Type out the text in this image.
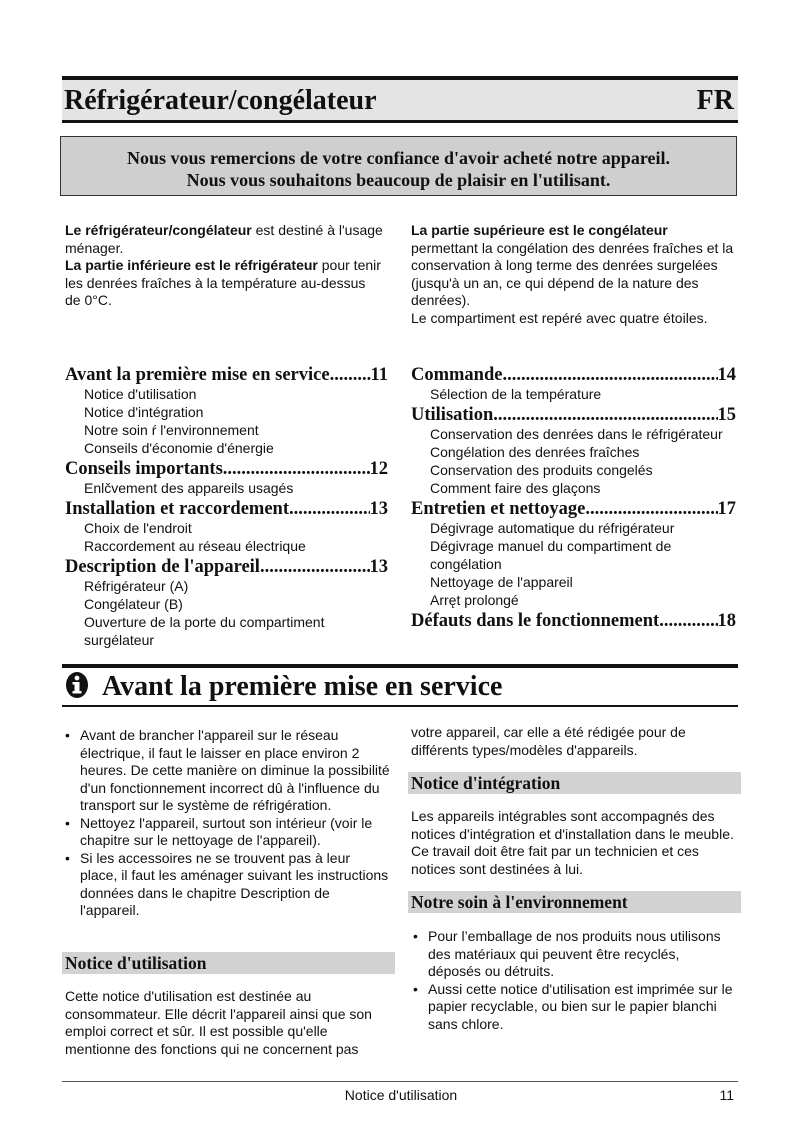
Réfrigérateur/congélateur	FR
Nous vous remercions de votre confiance d'avoir acheté notre appareil.
Nous vous souhaitons beaucoup de plaisir en l'utilisant.
Le réfrigérateur/congélateur est destiné à l'usage ménager.
La partie inférieure est le réfrigérateur pour tenir les denrées fraîches à la température au-dessus de 0°C.
La partie supérieure est le congélateur
permettant la congélation des denrées fraîches et la conservation à long terme des denrées surgelées (jusqu'à un an, ce qui dépend de la nature des denrées).
Le compartiment est repéré avec quatre étoiles.
Avant la première mise en service ..... 11
Notice d'utilisation
Notice d'intégration
Notre soin ŕ l'environnement
Conseils d'économie d'énergie
Conseils importants .....	12
Enlčvement des appareils usagés
Installation et raccordement .....	13
Choix de l'endroit
Raccordement au réseau électrique
Description de l'appareil .....	13
Réfrigérateur (A)
Congélateur (B)
Ouverture de la porte du compartiment surgélateur
Commande .....	14
Sélection de la température
Utilisation .....	15
Conservation des denrées dans le réfrigérateur
Congélation des denrées fraîches
Conservation des produits congelés
Comment faire des glaçons
Entretien et nettoyage .....	17
Dégivrage automatique du réfrigérateur
Dégivrage manuel du compartiment de congélation
Nettoyage de l'appareil
Arręt prolongé
Défauts dans le fonctionnement .....	18
Avant la première mise en service
• Avant de brancher l'appareil sur le réseau électrique, il faut le laisser en place environ 2 heures. De cette manière on diminue la possibilité d'un fonctionnement incorrect dû à l'influence du transport sur le système de réfrigération.
• Nettoyez l'appareil, surtout son intérieur (voir le chapitre sur le nettoyage de l'appareil).
• Si les accessoires ne se trouvent pas à leur place, il faut les aménager suivant les instructions données dans le chapitre Description de l'appareil.
Notice d'utilisation
Cette notice d'utilisation est destinée au consommateur. Elle décrit l'appareil ainsi que son emploi correct et sûr. Il est possible qu'elle mentionne des fonctions qui ne concernent pas
votre appareil, car elle a été rédigée pour de différents types/modèles d'appareils.
Notice d'intégration
Les appareils intégrables sont accompagnés des notices d'intégration et d'installation dans le meuble. Ce travail doit être fait par un technicien et ces notices sont destinées à lui.
Notre soin à l'environnement
• Pour l’emballage de nos produits nous utilisons des matériaux qui peuvent être recyclés, déposés ou détruits.
• Aussi cette notice d'utilisation est imprimée sur le papier recyclable, ou bien sur le papier blanchi sans chlore.
Notice d'utilisation	11
